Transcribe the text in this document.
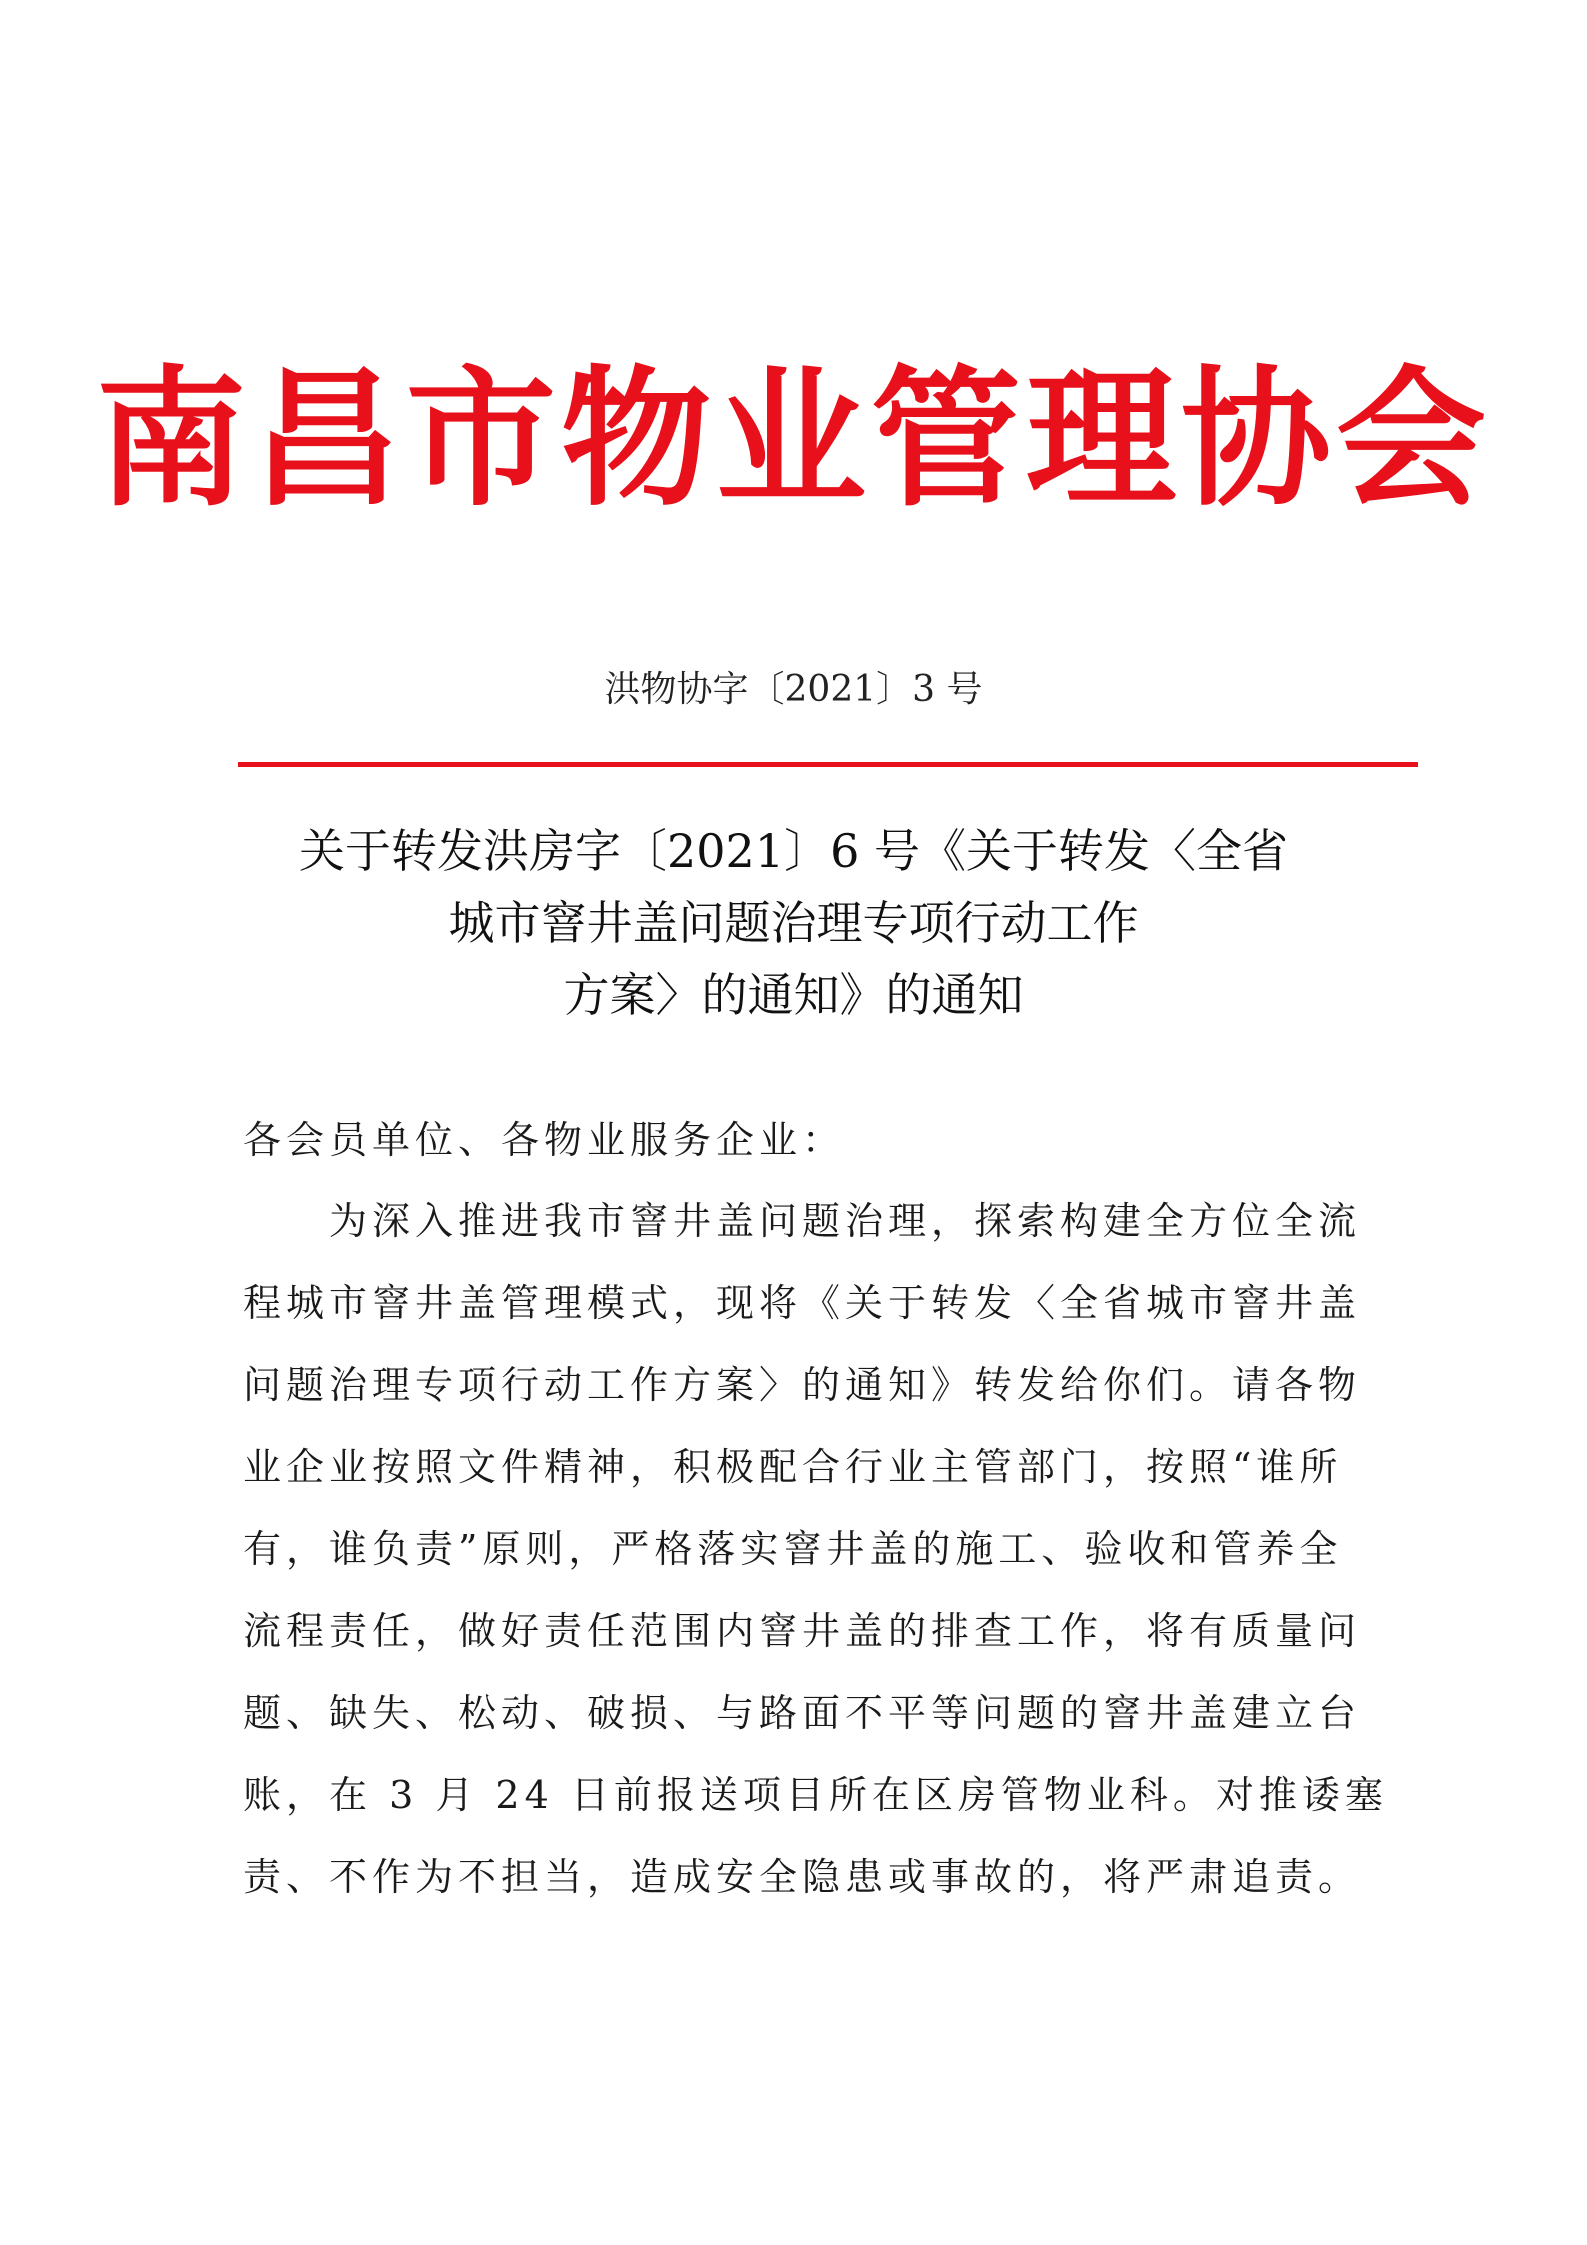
南昌市物业管理协会
洪物协字〔2021〕3 号
关于转发洪房字〔2021〕6 号《关于转发〈全省
城市窨井盖问题治理专项行动工作
方案〉的通知》的通知
各会员单位、各物业服务企业：
　　为深入推进我市窨井盖问题治理，探索构建全方位全流
程城市窨井盖管理模式，现将《关于转发〈全省城市窨井盖
问题治理专项行动工作方案〉的通知》转发给你们。请各物
业企业按照文件精神，积极配合行业主管部门，按照“谁所
有，谁负责”原则，严格落实窨井盖的施工、验收和管养全
流程责任，做好责任范围内窨井盖的排查工作，将有质量问
题、缺失、松动、破损、与路面不平等问题的窨井盖建立台
账，在 3 月 24 日前报送项目所在区房管物业科。对推诿塞
责、不作为不担当，造成安全隐患或事故的，将严肃追责。
